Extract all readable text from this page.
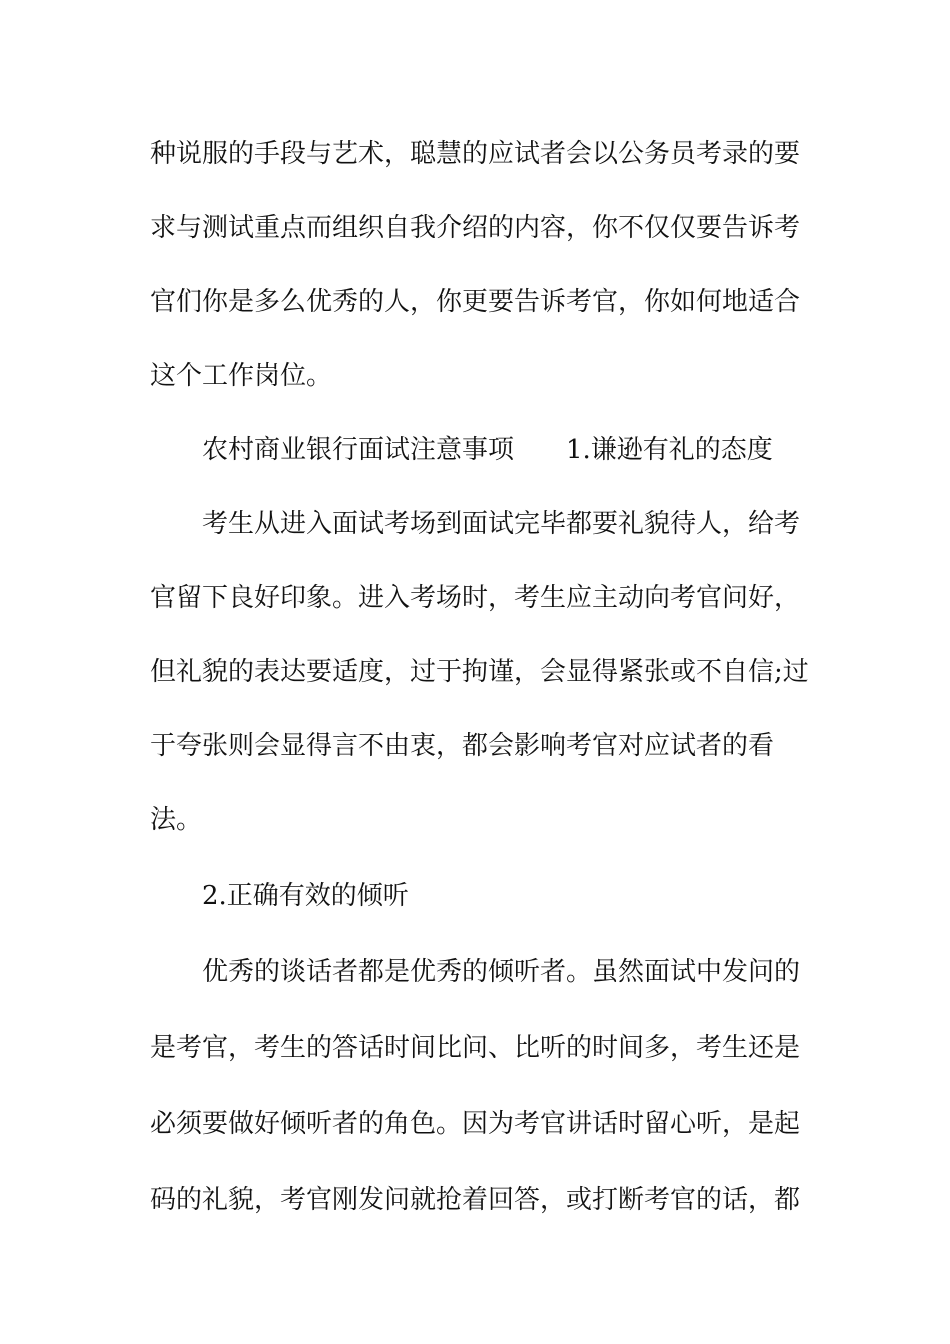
种说服的手段与艺术，聪慧的应试者会以公务员考录的要
求与测试重点而组织自我介绍的内容，你不仅仅要告诉考
官们你是多么优秀的人，你更要告诉考官，你如何地适合
这个工作岗位。
农村商业银行面试注意事项　　1.谦逊有礼的态度
考生从进入面试考场到面试完毕都要礼貌待人，给考
官留下良好印象。进入考场时，考生应主动向考官问好，
但礼貌的表达要适度，过于拘谨，会显得紧张或不自信;过
于夸张则会显得言不由衷，都会影响考官对应试者的看
法。
2.正确有效的倾听
优秀的谈话者都是优秀的倾听者。虽然面试中发问的
是考官，考生的答话时间比问、比听的时间多，考生还是
必须要做好倾听者的角色。因为考官讲话时留心听，是起
码的礼貌，考官刚发问就抢着回答，或打断考官的话，都
